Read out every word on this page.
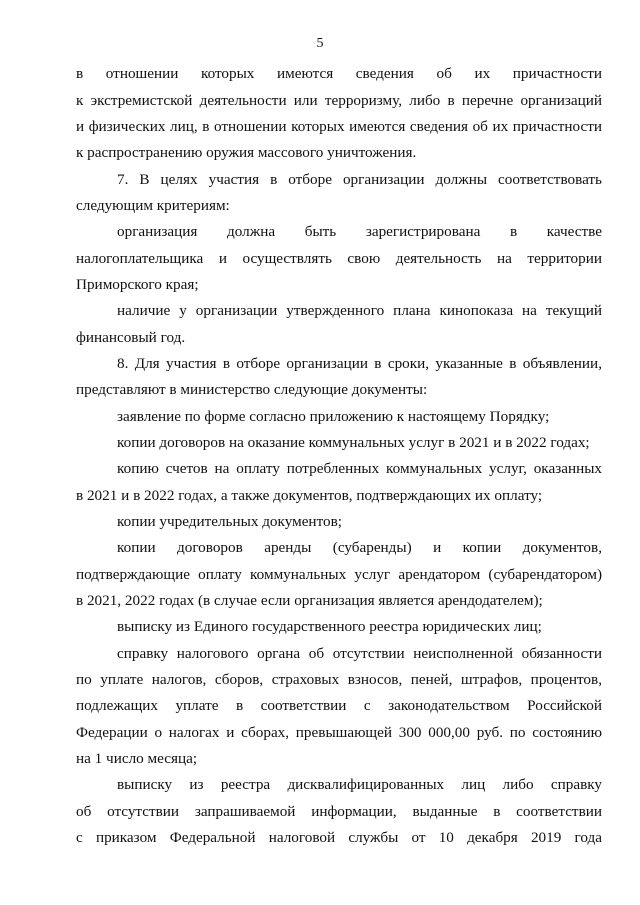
5
в отношении которых имеются сведения об их причастности
к экстремистской деятельности или терроризму, либо в перечне организаций
и физических лиц, в отношении которых имеются сведения об их причастности
к распространению оружия массового уничтожения.
7. В целях участия в отборе организации должны соответствовать
следующим критериям:
организация должна быть зарегистрирована в качестве
налогоплательщика и осуществлять свою деятельность на территории
Приморского края;
наличие у организации утвержденного плана кинопоказа на текущий
финансовый год.
8. Для участия в отборе организации в сроки, указанные в объявлении,
представляют в министерство следующие документы:
заявление по форме согласно приложению к настоящему Порядку;
копии договоров на оказание коммунальных услуг в 2021 и в 2022 годах;
копию счетов на оплату потребленных коммунальных услуг, оказанных
в 2021 и в 2022 годах, а также документов, подтверждающих их оплату;
копии учредительных документов;
копии договоров аренды (субаренды) и копии документов,
подтверждающие оплату коммунальных услуг арендатором (субарендатором)
в 2021, 2022 годах (в случае если организация является арендодателем);
выписку из Единого государственного реестра юридических лиц;
справку налогового органа об отсутствии неисполненной обязанности
по уплате налогов, сборов, страховых взносов, пеней, штрафов, процентов,
подлежащих уплате в соответствии с законодательством Российской
Федерации о налогах и сборах, превышающей 300 000,00 руб. по состоянию
на 1 число месяца;
выписку из реестра дисквалифицированных лиц либо справку
об отсутствии запрашиваемой информации, выданные в соответствии
с приказом Федеральной налоговой службы от 10 декабря 2019 года
